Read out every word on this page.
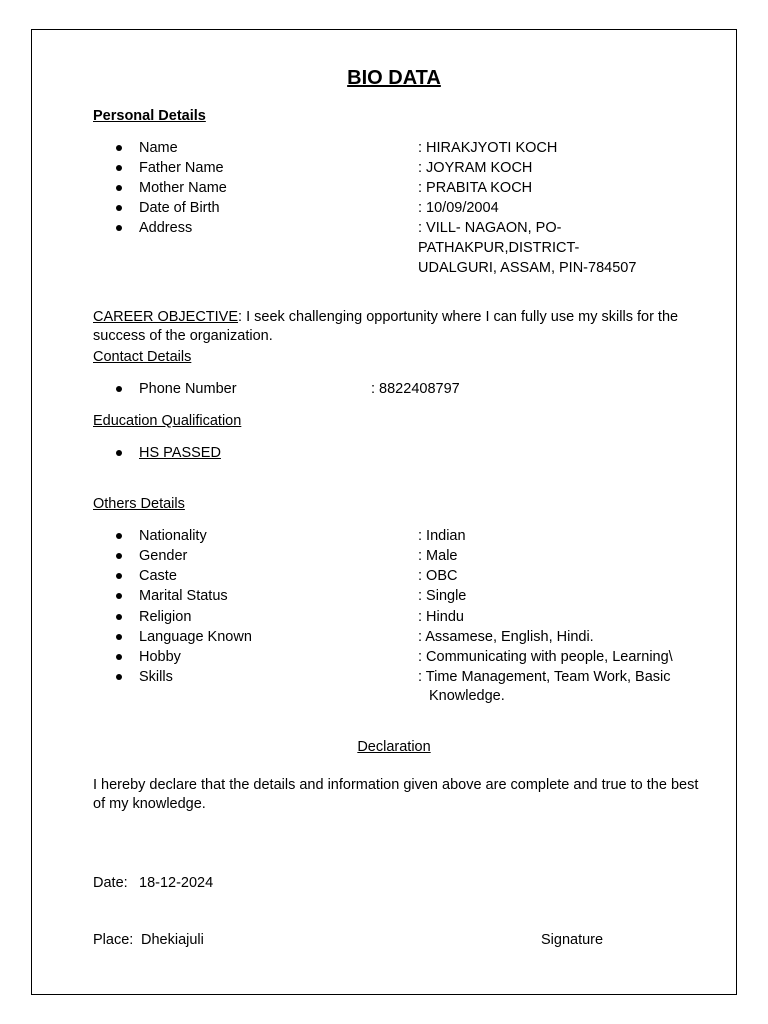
BIO DATA
Personal Details
Name	: HIRAKJYOTI KOCH
Father Name	: JOYRAM KOCH
Mother Name	: PRABITA KOCH
Date of Birth	: 10/09/2004
Address	: VILL- NAGAON, PO-
PATHAKPUR,DISTRICT-
UDALGURI, ASSAM, PIN-784507
CAREER OBJECTIVE: I seek challenging opportunity where I can fully use my skills for the success of the organization.
Contact Details
Phone Number	: 8822408797
Education Qualification
HS PASSED
Others Details
Nationality	: Indian
Gender	: Male
Caste	: OBC
Marital Status	: Single
Religion	: Hindu
Language Known	: Assamese, English, Hindi.
Hobby	: Communicating with people, Learning\
Skills	: Time Management, Team Work, Basic
Knowledge.
Declaration
I hereby declare that the details and information given above are complete and true to the best of my knowledge.
Date: 18-12-2024
Place: Dhekiajuli	Signature
